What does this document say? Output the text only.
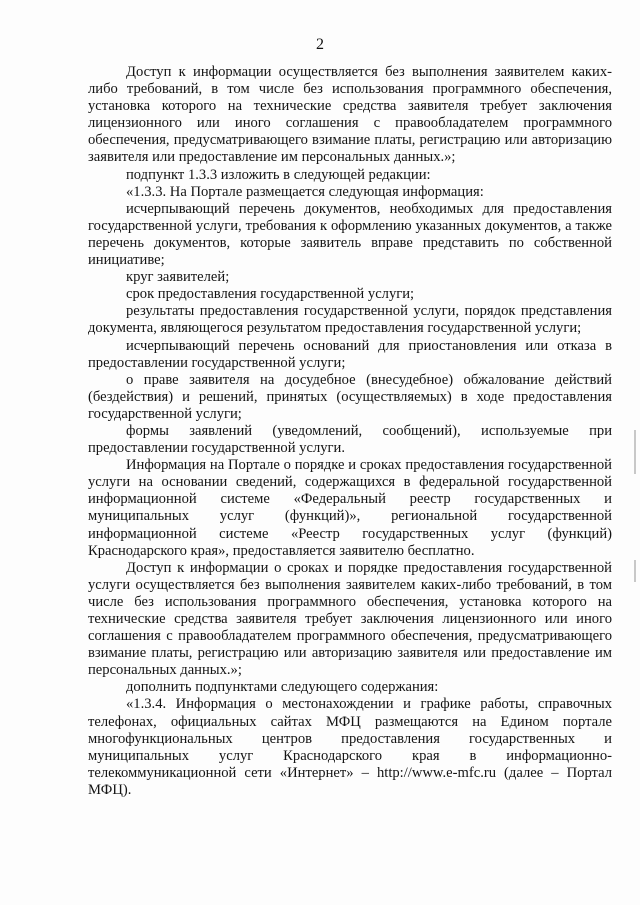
2

Доступ к информации осуществляется без выполнения заявителем каких-либо требований, в том числе без использования программного обеспечения, установка которого на технические средства заявителя требует заключения лицензионного или иного соглашения с правообладателем программного обеспечения, предусматривающего взимание платы, регистрацию или авторизацию заявителя или предоставление им персональных данных.»;

подпункт 1.3.3 изложить в следующей редакции:

«1.3.3. На Портале размещается следующая информация:

исчерпывающий перечень документов, необходимых для предоставления государственной услуги, требования к оформлению указанных документов, а также перечень документов, которые заявитель вправе представить по собственной инициативе;

круг заявителей;

срок предоставления государственной услуги;

результаты предоставления государственной услуги, порядок представления документа, являющегося результатом предоставления государственной услуги;

исчерпывающий перечень оснований для приостановления или отказа в предоставлении государственной услуги;

о праве заявителя на досудебное (внесудебное) обжалование действий (бездействия) и решений, принятых (осуществляемых) в ходе предоставления государственной услуги;

формы заявлений (уведомлений, сообщений), используемые при предоставлении государственной услуги.

Информация на Портале о порядке и сроках предоставления государственной услуги на основании сведений, содержащихся в федеральной государственной информационной системе «Федеральный реестр государственных и муниципальных услуг (функций)», региональной государственной информационной системе «Реестр государственных услуг (функций) Краснодарского края», предоставляется заявителю бесплатно.

Доступ к информации о сроках и порядке предоставления государственной услуги осуществляется без выполнения заявителем каких-либо требований, в том числе без использования программного обеспечения, установка которого на технические средства заявителя требует заключения лицензионного или иного соглашения с правообладателем программного обеспечения, предусматривающего взимание платы, регистрацию или авторизацию заявителя или предоставление им персональных данных.»;

дополнить подпунктами следующего содержания:

«1.3.4. Информация о местонахождении и графике работы, справочных телефонах, официальных сайтах МФЦ размещаются на Едином портале многофункциональных центров предоставления государственных и муниципальных услуг Краснодарского края в информационно-телекоммуникационной сети «Интернет» – http://www.e-mfc.ru (далее – Портал МФЦ).
